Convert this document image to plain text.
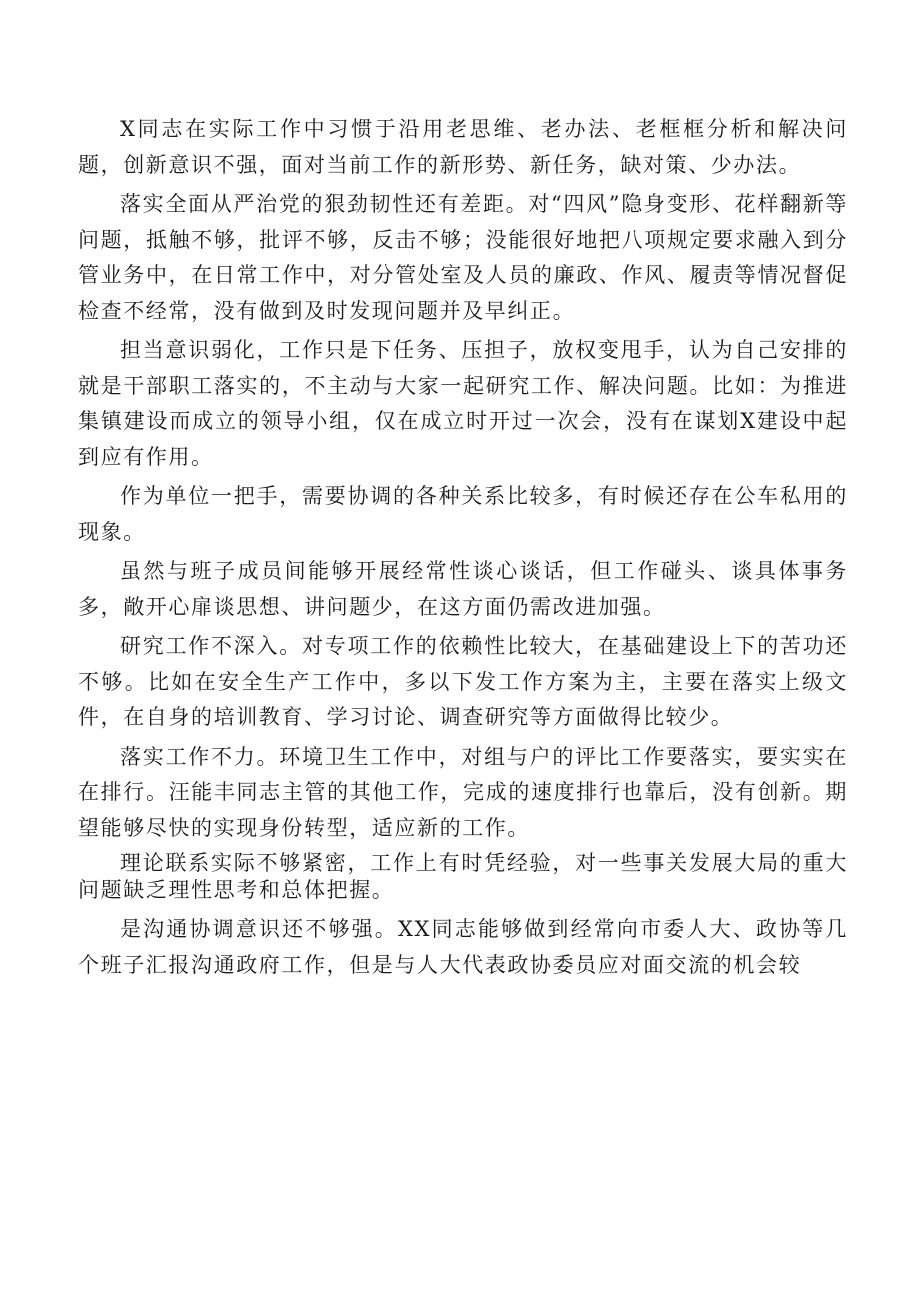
X同志在实际工作中习惯于沿用老思维、老办法、老框框分析和解决问题，创新意识不强，面对当前工作的新形势、新任务，缺对策、少办法。

落实全面从严治党的狠劲韧性还有差距。对“四风”隐身变形、花样翻新等问题，抵触不够，批评不够，反击不够；没能很好地把八项规定要求融入到分管业务中，在日常工作中，对分管处室及人员的廉政、作风、履责等情况督促检查不经常，没有做到及时发现问题并及早纠正。

担当意识弱化，工作只是下任务、压担子，放权变甩手，认为自己安排的就是干部职工落实的，不主动与大家一起研究工作、解决问题。比如：为推进集镇建设而成立的领导小组，仅在成立时开过一次会，没有在谋划X建设中起到应有作用。

作为单位一把手，需要协调的各种关系比较多，有时候还存在公车私用的现象。

虽然与班子成员间能够开展经常性谈心谈话，但工作碰头、谈具体事务多，敞开心扉谈思想、讲问题少，在这方面仍需改进加强。

研究工作不深入。对专项工作的依赖性比较大，在基础建设上下的苦功还不够。比如在安全生产工作中，多以下发工作方案为主，主要在落实上级文件，在自身的培训教育、学习讨论、调查研究等方面做得比较少。

落实工作不力。环境卫生工作中，对组与户的评比工作要落实，要实实在在排行。汪能丰同志主管的其他工作，完成的速度排行也靠后，没有创新。期望能够尽快的实现身份转型，适应新的工作。

理论联系实际不够紧密，工作上有时凭经验，对一些事关发展大局的重大问题缺乏理性思考和总体把握。

是沟通协调意识还不够强。XX同志能够做到经常向市委人大、政协等几个班子汇报沟通政府工作，但是与人大代表政协委员应对面交流的机会较
